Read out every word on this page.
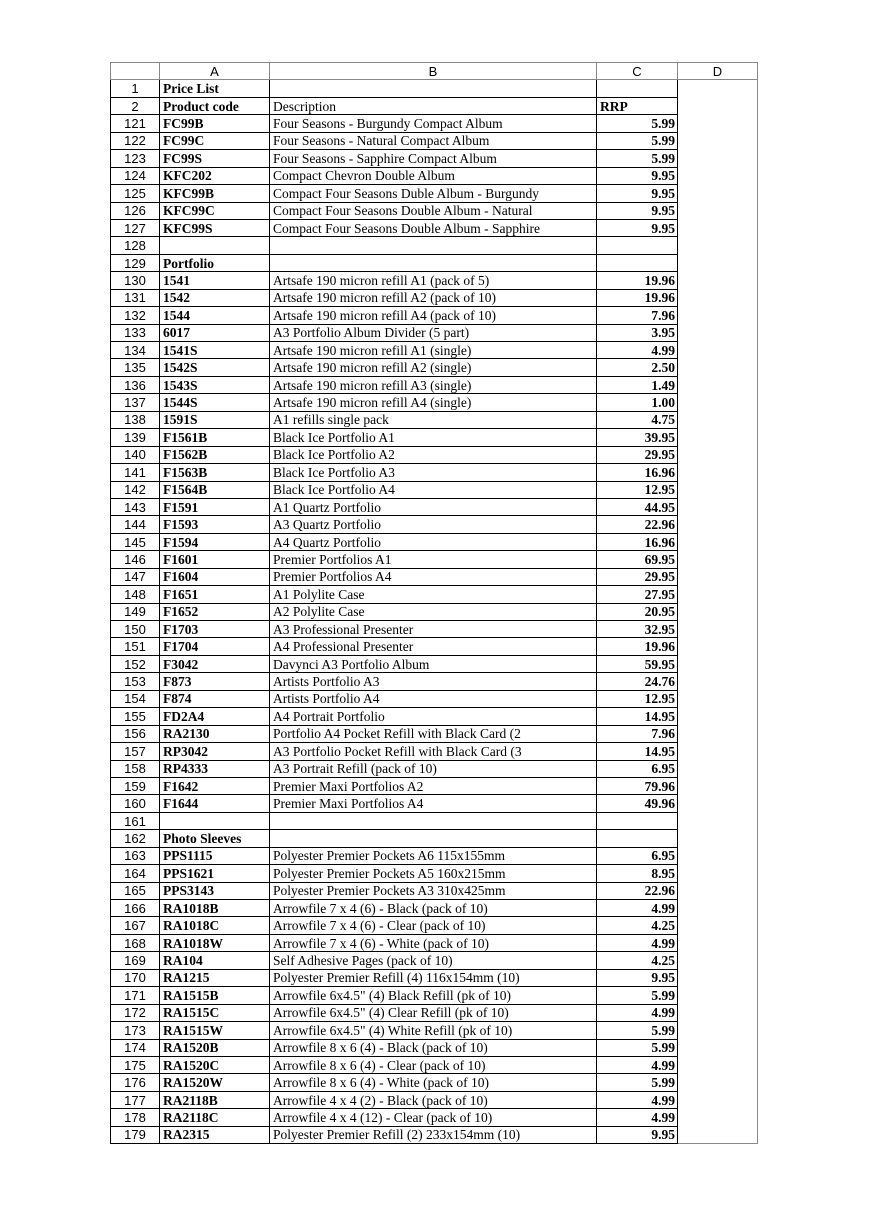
	A	B	C	D
1	Price List			
2	Product code	Description	RRP	
121	FC99B	Four Seasons - Burgundy Compact Album	5.99	
122	FC99C	Four Seasons - Natural Compact Album	5.99	
123	FC99S	Four Seasons - Sapphire Compact Album	5.99	
124	KFC202	Compact Chevron Double Album	9.95	
125	KFC99B	Compact Four Seasons Duble Album - Burgundy	9.95	
126	KFC99C	Compact Four Seasons Double Album - Natural	9.95	
127	KFC99S	Compact Four Seasons Double Album - Sapphire	9.95	
128				
129	Portfolio			
130	1541	Artsafe 190 micron refill A1 (pack of 5)	19.96	
131	1542	Artsafe 190 micron refill A2 (pack of 10)	19.96	
132	1544	Artsafe 190 micron refill A4 (pack of 10)	7.96	
133	6017	A3 Portfolio Album Divider (5 part)	3.95	
134	1541S	Artsafe 190 micron refill A1 (single)	4.99	
135	1542S	Artsafe 190 micron refill A2 (single)	2.50	
136	1543S	Artsafe 190 micron refill A3 (single)	1.49	
137	1544S	Artsafe 190 micron refill A4 (single)	1.00	
138	1591S	A1 refills single pack	4.75	
139	F1561B	Black Ice Portfolio A1	39.95	
140	F1562B	Black Ice Portfolio A2	29.95	
141	F1563B	Black Ice Portfolio A3	16.96	
142	F1564B	Black Ice Portfolio A4	12.95	
143	F1591	A1 Quartz Portfolio	44.95	
144	F1593	A3 Quartz Portfolio	22.96	
145	F1594	A4 Quartz Portfolio	16.96	
146	F1601	Premier Portfolios A1	69.95	
147	F1604	Premier Portfolios A4	29.95	
148	F1651	A1 Polylite Case	27.95	
149	F1652	A2 Polylite Case	20.95	
150	F1703	A3 Professional Presenter	32.95	
151	F1704	A4 Professional Presenter	19.96	
152	F3042	Davynci A3 Portfolio Album	59.95	
153	F873	Artists Portfolio A3	24.76	
154	F874	Artists Portfolio A4	12.95	
155	FD2A4	A4 Portrait Portfolio	14.95	
156	RA2130	Portfolio A4 Pocket Refill with Black Card (2	7.96	
157	RP3042	A3 Portfolio Pocket Refill with Black Card (3	14.95	
158	RP4333	A3 Portrait Refill (pack of 10)	6.95	
159	F1642	Premier Maxi Portfolios A2	79.96	
160	F1644	Premier Maxi Portfolios A4	49.96	
161				
162	Photo Sleeves			
163	PPS1115	Polyester Premier Pockets A6 115x155mm	6.95	
164	PPS1621	Polyester Premier Pockets A5 160x215mm	8.95	
165	PPS3143	Polyester Premier Pockets A3 310x425mm	22.96	
166	RA1018B	Arrowfile 7 x 4 (6) - Black (pack of 10)	4.99	
167	RA1018C	Arrowfile 7 x 4 (6) - Clear (pack of 10)	4.25	
168	RA1018W	Arrowfile 7 x 4 (6) - White (pack of 10)	4.99	
169	RA104	Self Adhesive Pages (pack of 10)	4.25	
170	RA1215	Polyester Premier Refill (4) 116x154mm (10)	9.95	
171	RA1515B	Arrowfile 6x4.5" (4) Black Refill (pk of 10)	5.99	
172	RA1515C	Arrowfile 6x4.5" (4) Clear Refill (pk of 10)	4.99	
173	RA1515W	Arrowfile 6x4.5" (4) White Refill (pk of 10)	5.99	
174	RA1520B	Arrowfile 8 x 6 (4) - Black (pack of 10)	5.99	
175	RA1520C	Arrowfile 8 x 6 (4) - Clear (pack of 10)	4.99	
176	RA1520W	Arrowfile 8 x 6 (4) - White (pack of 10)	5.99	
177	RA2118B	Arrowfile 4 x 4 (2) - Black (pack of 10)	4.99	
178	RA2118C	Arrowfile 4 x 4 (12) - Clear (pack of 10)	4.99	
179	RA2315	Polyester Premier Refill (2) 233x154mm (10)	9.95	
